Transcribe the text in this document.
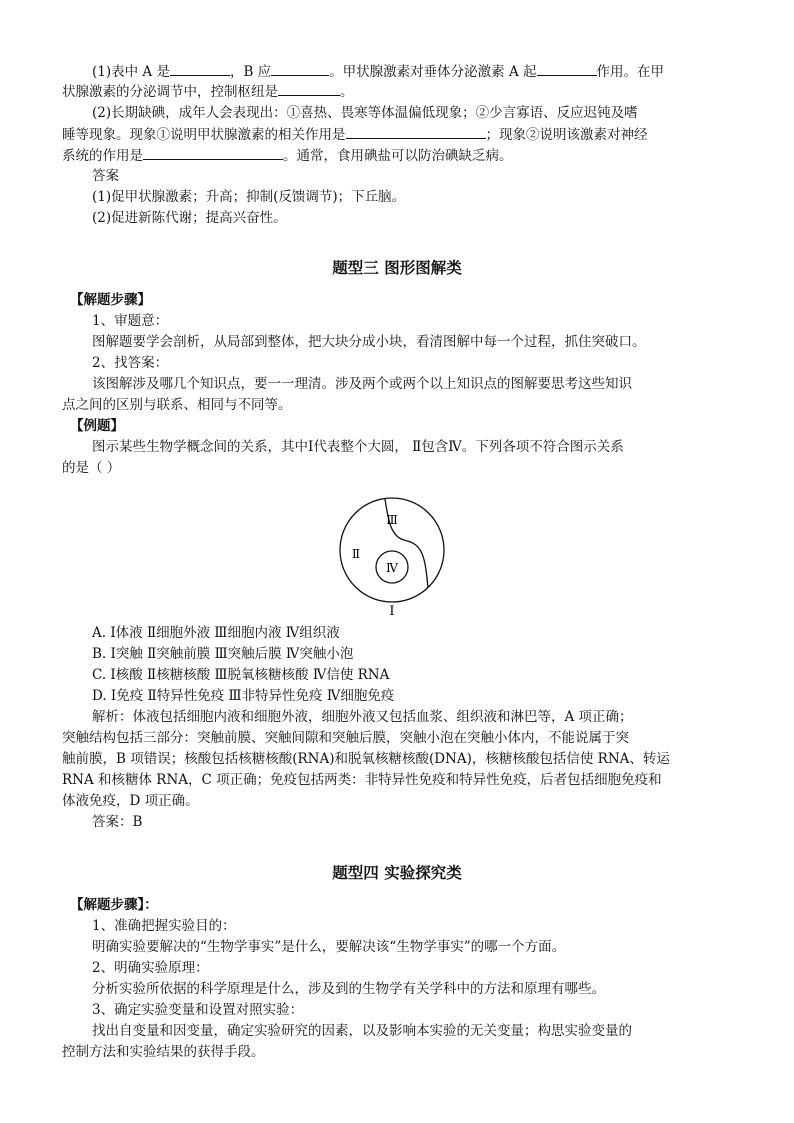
(1)表中 A 是	，B 应	。甲状腺激素对垂体分泌激素 A 起	作用。在甲
状腺激素的分泌调节中，控制枢纽是	。
(2)长期缺碘，成年人会表现出：①喜热、畏寒等体温偏低现象；②少言寡语、反应迟钝及嗜
睡等现象。现象①说明甲状腺激素的相关作用是	；现象②说明该激素对神经
系统的作用是	。通常，食用碘盐可以防治碘缺乏病。
答案
(1)促甲状腺激素；升高；抑制(反馈调节)；下丘脑。
(2)促进新陈代谢；提高兴奋性。
题型三 图形图解类
【解题步骤】
1、审题意：
图解题要学会剖析，从局部到整体，把大块分成小块，看清图解中每一个过程，抓住突破口。
2、找答案：
该图解涉及哪几个知识点，要一一理清。涉及两个或两个以上知识点的图解要思考这些知识
点之间的区别与联系、相同与不同等。
【例题】
图示某些生物学概念间的关系，其中Ⅰ代表整个大圆， Ⅱ包含Ⅳ。下列各项不符合图示关系
的是（ ）
Ⅲ
Ⅱ
Ⅳ
Ⅰ
A. Ⅰ体液 Ⅱ细胞外液 Ⅲ细胞内液 Ⅳ组织液
B. Ⅰ突触 Ⅱ突触前膜 Ⅲ突触后膜 Ⅳ突触小泡
C. Ⅰ核酸 Ⅱ核糖核酸 Ⅲ脱氧核糖核酸 Ⅳ信使 RNA
D. Ⅰ免疫 Ⅱ特异性免疫 Ⅲ非特异性免疫 Ⅳ细胞免疫
解析：体液包括细胞内液和细胞外液，细胞外液又包括血浆、组织液和淋巴等，A 项正确；
突触结构包括三部分：突触前膜、突触间隙和突触后膜，突触小泡在突触小体内，不能说属于突
触前膜，B 项错误；核酸包括核糖核酸(RNA)和脱氧核糖核酸(DNA)，核糖核酸包括信使 RNA、转运
RNA 和核糖体 RNA，C 项正确；免疫包括两类：非特异性免疫和特异性免疫，后者包括细胞免疫和
体液免疫，D 项正确。
答案：B
题型四 实验探究类
【解题步骤】：
1、准确把握实验目的：
明确实验要解决的“生物学事实”是什么，要解决该“生物学事实”的哪一个方面。
2、明确实验原理：
分析实验所依据的科学原理是什么，涉及到的生物学有关学科中的方法和原理有哪些。
3、确定实验变量和设置对照实验：
找出自变量和因变量，确定实验研究的因素，以及影响本实验的无关变量；构思实验变量的
控制方法和实验结果的获得手段。
